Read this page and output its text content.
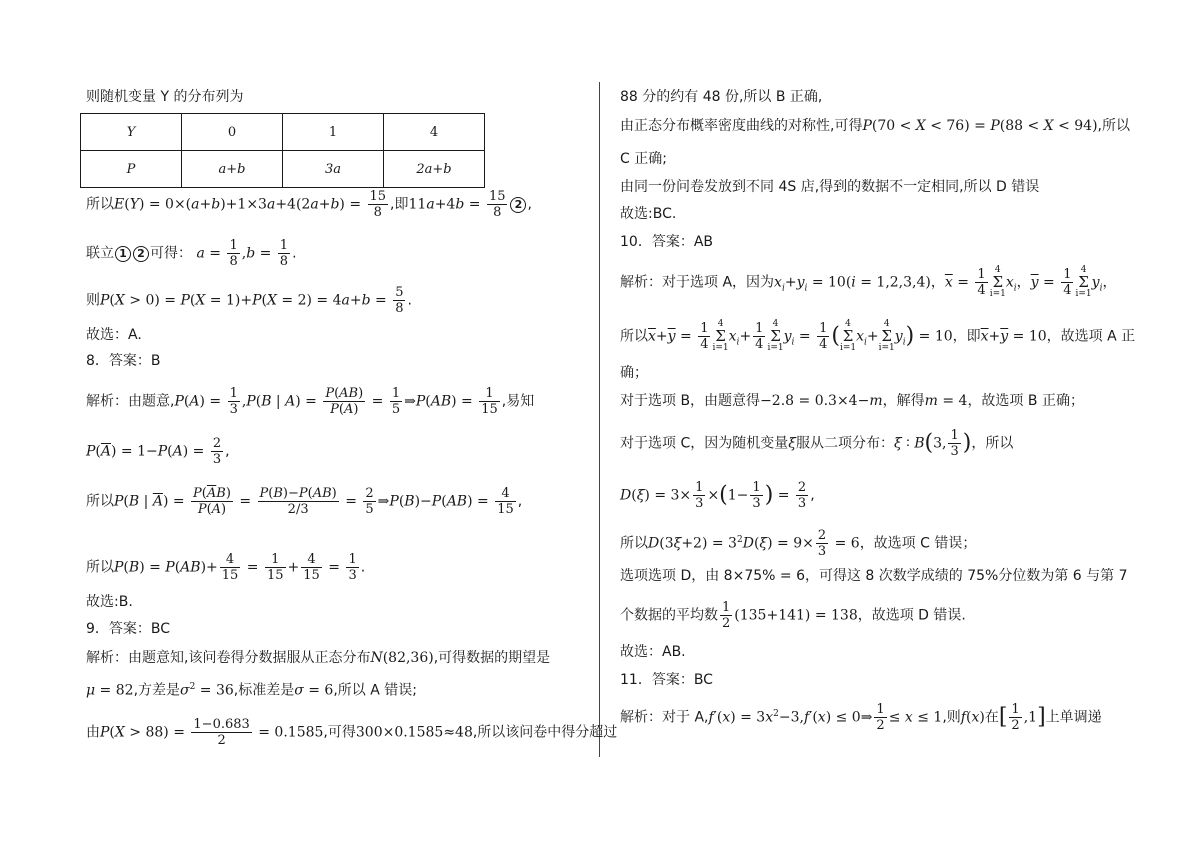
则随机变量 Y 的分布列为
Y	0	1	4
P	a+b	3a	2a+b
所以$E(Y) = 0\times(a+b)+1\times 3a+4(2a+b) = \frac{15}{8}$ ,即$11a+4b = \frac{15}{8} 2$ ,
联立 1 2 可得： $a = \frac{1}{8} ,b = \frac{1}{8}$ .
则$P(X > 0) = P(X = 1)+P(X = 2) = 4a+b = \frac{5}{8}$ .
故选：A.
8．答案：B
解析：由题意$,P(A) = \frac{1}{3} ,P(B$ | $A) = \frac{P(AB)}{P(A)} = \frac{1}{5}$ ⇒P(AB) = $\frac{1}{15}$ ,易知
$P(\overline{A}) = 1-P(A) = \frac{2}{3}$ ,
所以P(B | $\overline{A}) = \frac{P(\overline{A}B)}{P(\overline{A})} = \frac{P(B)-P(AB)}{2/3} = \frac{2}{5}$ ⇒P(B)−P(AB) = $\frac{4}{15}$ ,
所以$P(B) = P(AB)+ \frac{4}{15} = \frac{1}{15} + \frac{4}{15} = \frac{1}{3}$ .
故选:B.
9．答案：BC
解析：由题意知,该问卷得分数据服从正态分布N(82,36),可得数据的期望是
μ = 82,方差是$\sigma^2 = 36$,标准差是σ = 6,所以 A 错误;
由$P(X > 88) = \frac{1-0.683}{2} = 0.1585$,可得300×0.1585≈48,所以该问卷中得分超过
88 分的约有 48 份,所以 B 正确,
由正态分布概率密度曲线的对称性,可得P(70 < X < 76) = P(88 < X < 94),所以
C 正确;
由同一份问卷发放到不同 4S 店,得到的数据不一定相同,所以 D 错误
故选:BC.
10．答案：AB
解析：对于选项 A，因为$x_i+y_i = 10(i = 1,2,3,4)$，$\overline{x} = \frac{1}{4} 4$
Σ
$i=1x_i$，$\overline{y} = \frac{1}{4} 4$
Σ
$i=1y_i$，
所以$\overline{x}+\overline{y} = \frac{1}{4} 4$
Σ
$i=1x_i+ \frac{1}{4} 4$
Σ
$i=1y_i = \frac{1}{4}$ ( 4
Σ
$i=1x_i+4$
Σ
$i=1y_i) = 10$，即$\overline{x}+\overline{y} = 10$，故选项 A 正
确；
对于选项 B，由题意得−2.8 = 0.3×4−m，解得m = 4，故选项 B 正确；
对于选项 C，因为随机变量ξ服从二项分布：ξ ∶ B(3, $\frac{1}{3}$ )，所以
$D(\xi) = 3\times \frac{1}{3} \times(1- \frac{1}{3}$ ) = $\frac{2}{3}$ ,
所以$D(3\xi+2) = 3^2D(\xi) = 9\times \frac{2}{3} = 6$，故选项 C 错误；
选项选项 D，由 8×75% = 6，可得这 8 次数学成绩的 75%分位数为第 6 与第 7
个数据的平均数 $\frac{1}{2} (135+141) = 138$，故选项 D 错误.
故选：AB.
11．答案：BC
解析：对于 $A,f'(x) = 3x^2-3,f'(x)$ ≤ 0⇒ $\frac{1}{2} \le x \le 1$,则f(x)在[ $\frac{1}{2} ,1$]上单调递
